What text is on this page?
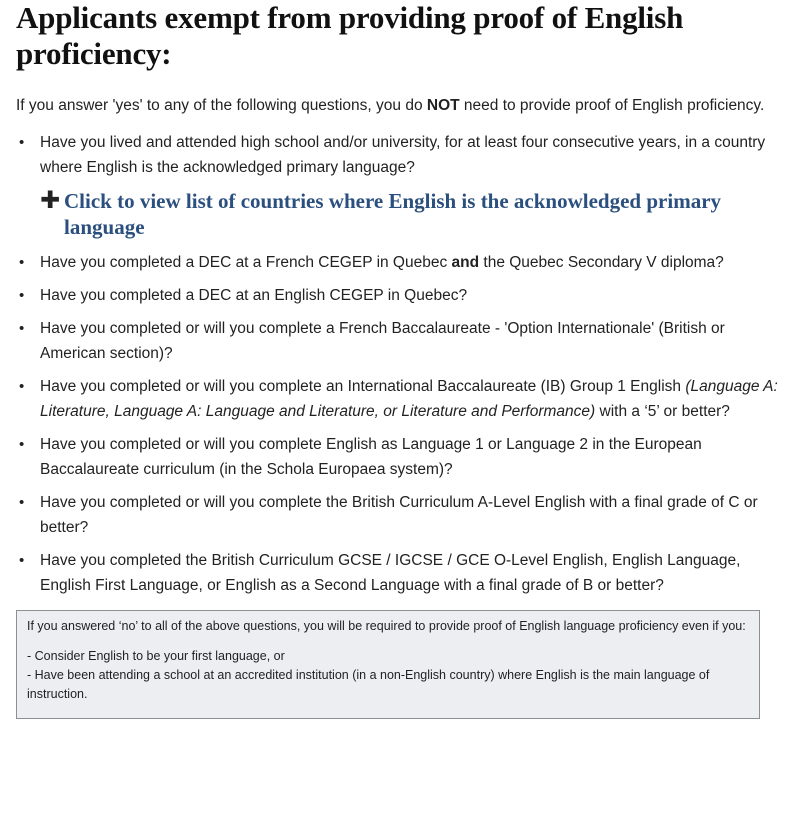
Applicants exempt from providing proof of English proficiency:

If you answer 'yes' to any of the following questions, you do NOT need to provide proof of English proficiency.

• Have you lived and attended high school and/or university, for at least four consecutive years, in a country where English is the acknowledged primary language?
✚ Click to view list of countries where English is the acknowledged primary language
• Have you completed a DEC at a French CEGEP in Quebec and the Quebec Secondary V diploma?
• Have you completed a DEC at an English CEGEP in Quebec?
• Have you completed or will you complete a French Baccalaureate - 'Option Internationale' (British or American section)?
• Have you completed or will you complete an International Baccalaureate (IB) Group 1 English (Language A: Literature, Language A: Language and Literature, or Literature and Performance) with a ‘5’ or better?
• Have you completed or will you complete English as Language 1 or Language 2 in the European Baccalaureate curriculum (in the Schola Europaea system)?
• Have you completed or will you complete the British Curriculum A-Level English with a final grade of C or better?
• Have you completed the British Curriculum GCSE / IGCSE / GCE O-Level English, English Language, English First Language, or English as a Second Language with a final grade of B or better?

If you answered ‘no’ to all of the above questions, you will be required to provide proof of English language proficiency even if you:

- Consider English to be your first language, or

- Have been attending a school at an accredited institution (in a non-English country) where English is the main language of instruction.
